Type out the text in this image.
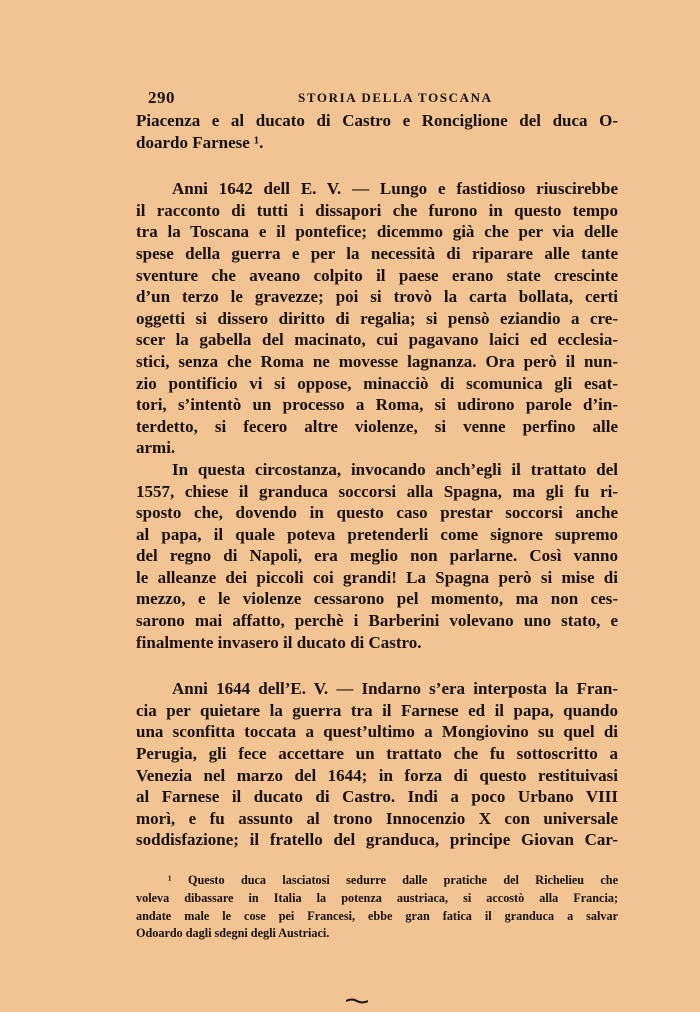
290	STORIA DELLA TOSCANA
Piacenza e al ducato di Castro e Ronciglione del duca O-
doardo Farnese ¹.
Anni 1642 dell E. V. — Lungo e fastidioso riuscirebbe
il racconto di tutti i dissapori che furono in questo tempo
tra la Toscana e il pontefice; dicemmo già che per via delle
spese della guerra e per la necessità di riparare alle tante
sventure che aveano colpito il paese erano state crescinte
d’un terzo le gravezze; poi si trovò la carta bollata, certi
oggetti si dissero diritto di regalia; si pensò eziandio a cre-
scer la gabella del macinato, cui pagavano laici ed ecclesia-
stici, senza che Roma ne movesse lagnanza. Ora però il nun-
zio pontificio vi si oppose, minacciò di scomunica gli esat-
tori, s’intentò un processo a Roma, si udirono parole d’in-
terdetto, si fecero altre violenze, si venne perfino alle
armi.
In questa circostanza, invocando anch’egli il trattato del
1557, chiese il granduca soccorsi alla Spagna, ma gli fu ri-
sposto che, dovendo in questo caso prestar soccorsi anche
al papa, il quale poteva pretenderli come signore supremo
del regno di Napoli, era meglio non parlarne. Così vanno
le alleanze dei piccoli coi grandi! La Spagna però si mise di
mezzo, e le violenze cessarono pel momento, ma non ces-
sarono mai affatto, perchè i Barberini volevano uno stato, e
finalmente invasero il ducato di Castro.
Anni 1644 dell’E. V. — Indarno s’era interposta la Fran-
cia per quietare la guerra tra il Farnese ed il papa, quando
una sconfitta toccata a quest’ultimo a Mongiovino su quel di
Perugia, gli fece accettare un trattato che fu sottoscritto a
Venezia nel marzo del 1644; in forza di questo restituivasi
al Farnese il ducato di Castro. Indi a poco Urbano VIII
morì, e fu assunto al trono Innocenzio X con universale
soddisfazione; il fratello del granduca, principe Giovan Car-
¹ Questo duca lasciatosi sedurre dalle pratiche del Richelieu che
voleva dibassare in Italia la potenza austriaca, si accostò alla Francia;
andate male le cose pei Francesi, ebbe gran fatica il granduca a salvar
Odoardo dagli sdegni degli Austriaci.
